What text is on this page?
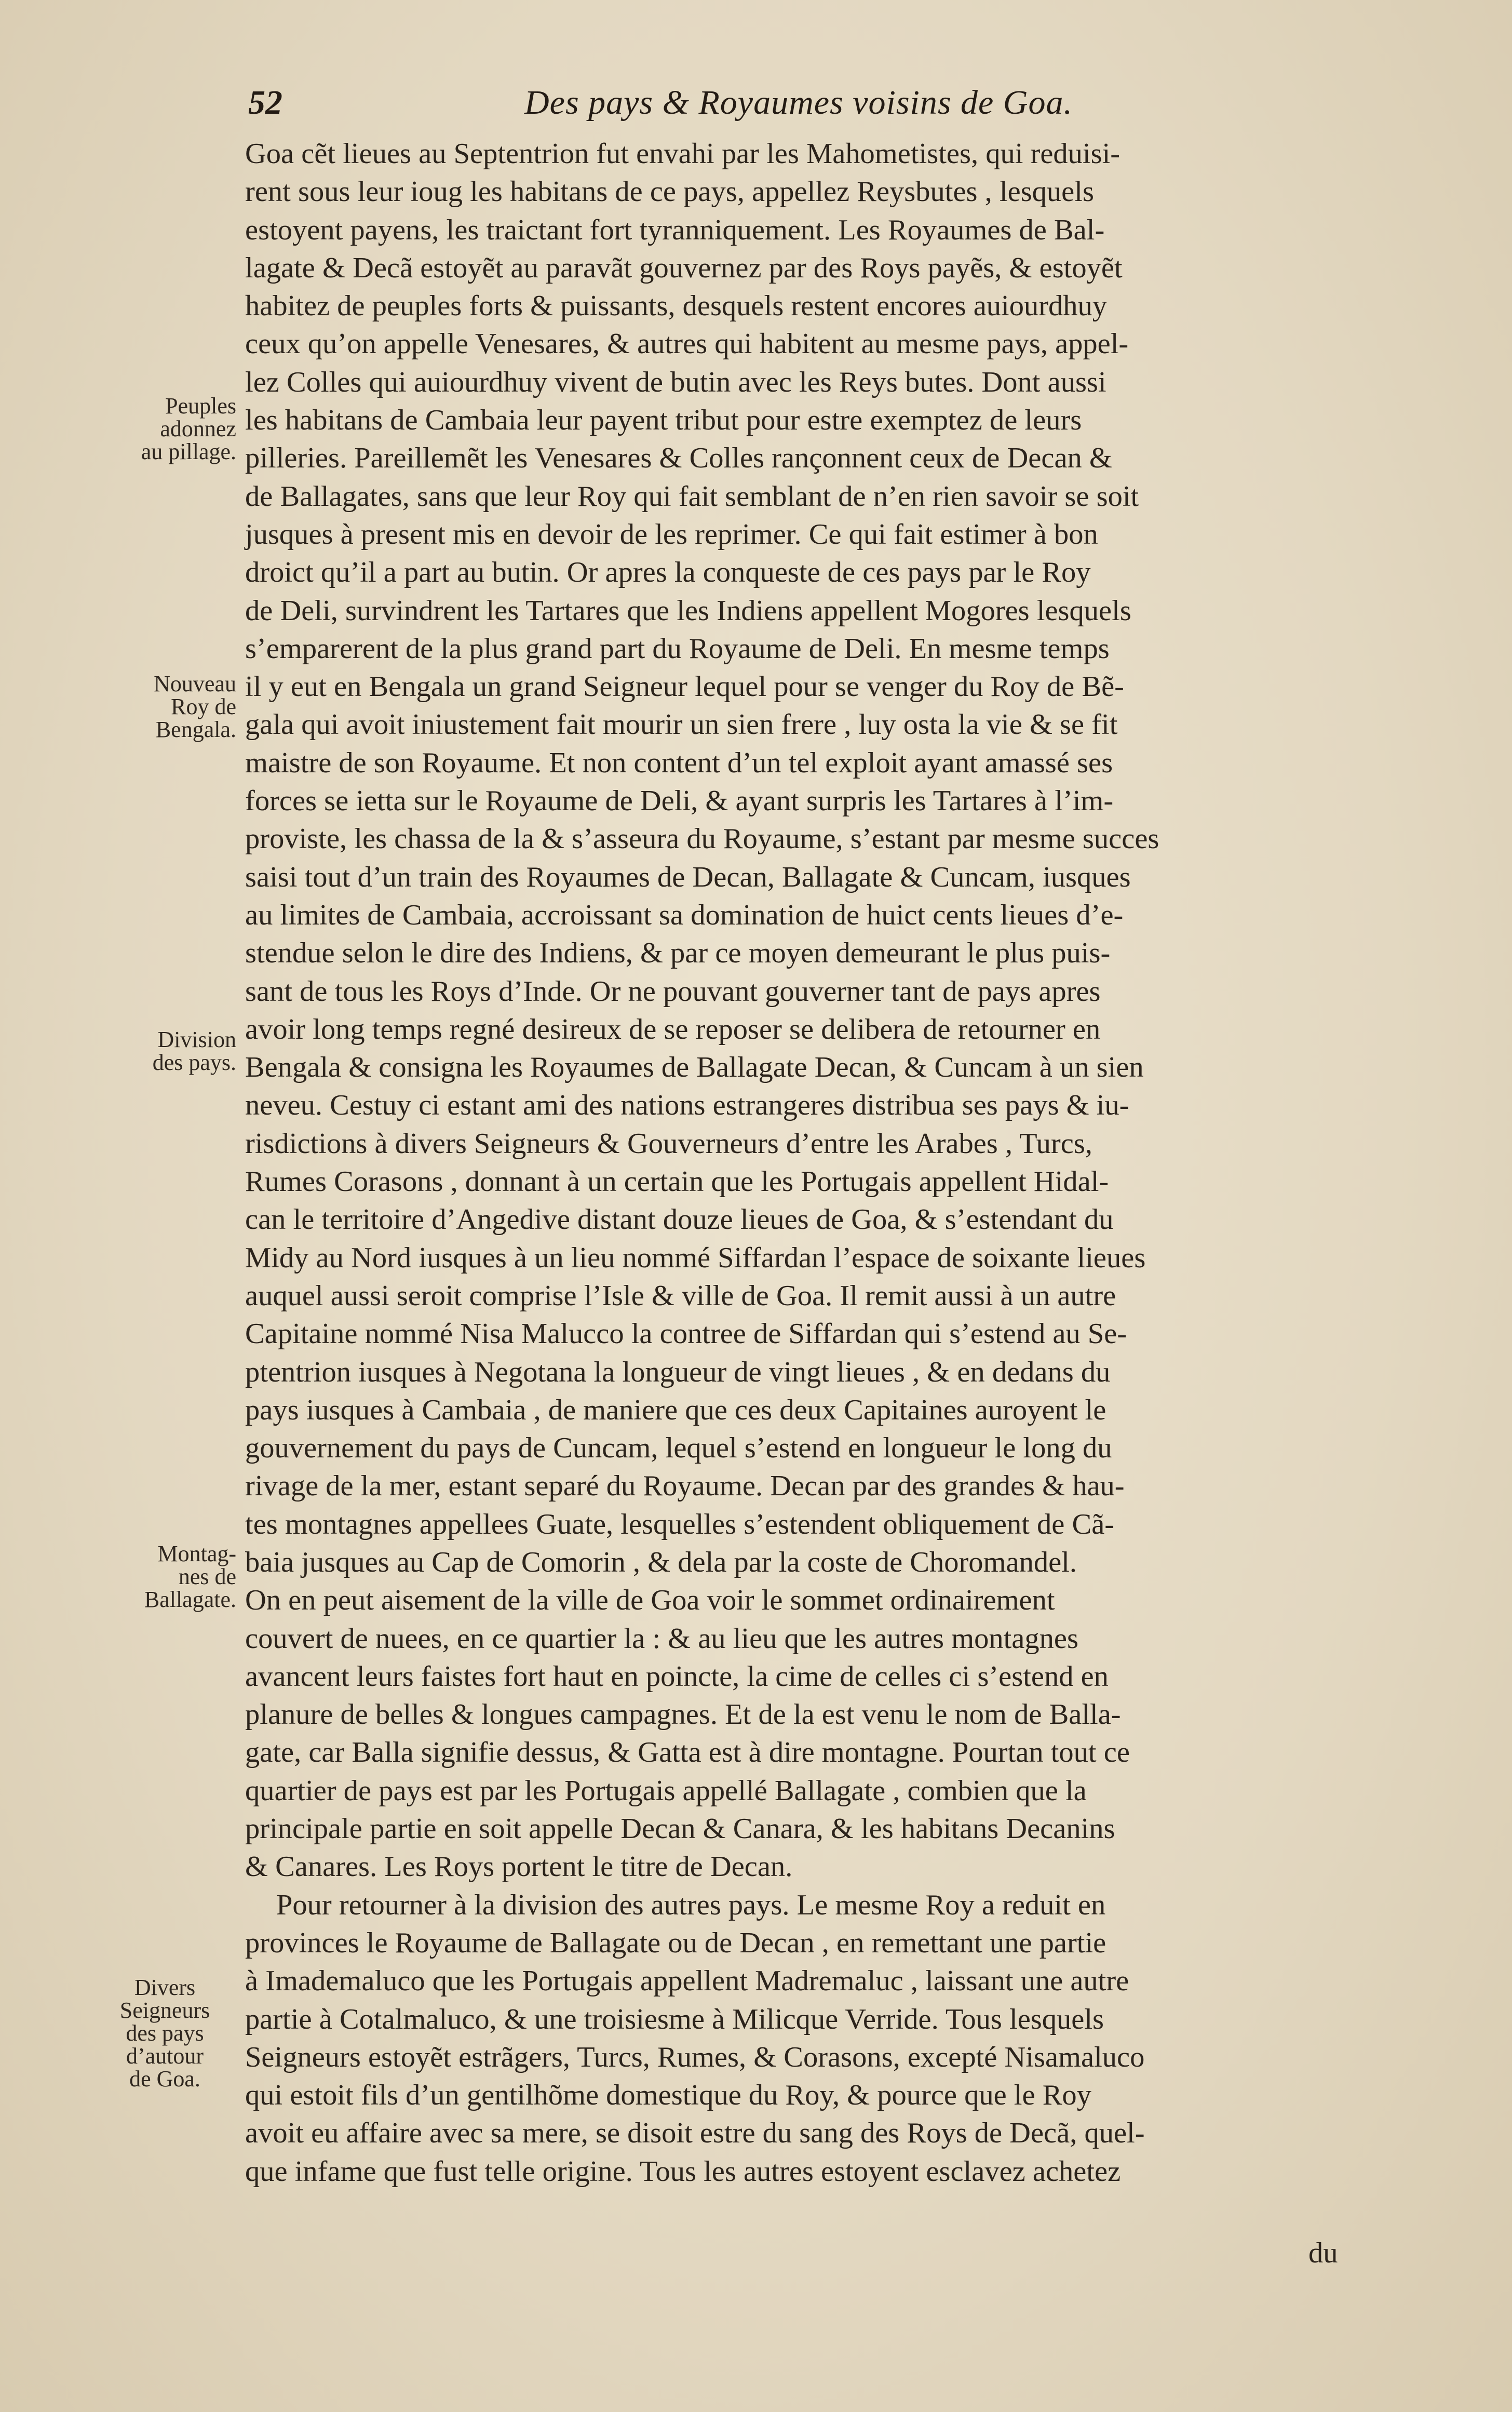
52	Des pays & Royaumes voisins de Goa.
Goa cẽt lieues au Septentrion fut envahi par les Mahometistes, qui reduisi-
rent sous leur ioug les habitans de ce pays, appellez Reysbutes , lesquels
estoyent payens, les traictant fort tyranniquement. Les Royaumes de Bal-
lagate & Decã estoyẽt au paravãt gouvernez par des Roys payẽs, & estoyẽt
habitez de peuples forts & puissants, desquels restent encores auiourdhuy
ceux qu’on appelle Venesares, & autres qui habitent au mesme pays, appel-
lez Colles qui auiourdhuy vivent de butin avec les Reys butes. Dont aussi
les habitans de Cambaia leur payent tribut pour estre exemptez de leurs
pilleries. Pareillemẽt les Venesares & Colles rançonnent ceux de Decan &
de Ballagates, sans que leur Roy qui fait semblant de n’en rien savoir se soit
jusques à present mis en devoir de les reprimer. Ce qui fait estimer à bon
droict qu’il a part au butin. Or apres la conqueste de ces pays par le Roy
de Deli, survindrent les Tartares que les Indiens appellent Mogores lesquels
s’emparerent de la plus grand part du Royaume de Deli. En mesme temps
il y eut en Bengala un grand Seigneur lequel pour se venger du Roy de Bẽ-
gala qui avoit iniustement fait mourir un sien frere , luy osta la vie & se fit
maistre de son Royaume. Et non content d’un tel exploit ayant amassé ses
forces se ietta sur le Royaume de Deli, & ayant surpris les Tartares à l’im-
proviste, les chassa de la & s’asseura du Royaume, s’estant par mesme succes
saisi tout d’un train des Royaumes de Decan, Ballagate & Cuncam, iusques
au limites de Cambaia, accroissant sa domination de huict cents lieues d’e-
stendue selon le dire des Indiens, & par ce moyen demeurant le plus puis-
sant de tous les Roys d’Inde. Or ne pouvant gouverner tant de pays apres
avoir long temps regné desireux de se reposer se delibera de retourner en
Bengala & consigna les Royaumes de Ballagate Decan, & Cuncam à un sien
neveu. Cestuy ci estant ami des nations estrangeres distribua ses pays & iu-
risdictions à divers Seigneurs & Gouverneurs d’entre les Arabes , Turcs,
Rumes Corasons , donnant à un certain que les Portugais appellent Hidal-
can le territoire d’Angedive distant douze lieues de Goa, & s’estendant du
Midy au Nord iusques à un lieu nommé Siffardan l’espace de soixante lieues
auquel aussi seroit comprise l’Isle & ville de Goa. Il remit aussi à un autre
Capitaine nommé Nisa Malucco la contree de Siffardan qui s’estend au Se-
ptentrion iusques à Negotana la longueur de vingt lieues , & en dedans du
pays iusques à Cambaia , de maniere que ces deux Capitaines auroyent le
gouvernement du pays de Cuncam, lequel s’estend en longueur le long du
rivage de la mer, estant separé du Royaume. Decan par des grandes & hau-
tes montagnes appellees Guate, lesquelles s’estendent obliquement de Cã-
baia jusques au Cap de Comorin , & dela par la coste de Choromandel.
On en peut aisement de la ville de Goa voir le sommet ordinairement
couvert de nuees, en ce quartier la : & au lieu que les autres montagnes
avancent leurs faistes fort haut en poincte, la cime de celles ci s’estend en
planure de belles & longues campagnes. Et de la est venu le nom de Balla-
gate, car Balla signifie dessus, & Gatta est à dire montagne. Pourtan tout ce
quartier de pays est par les Portugais appellé Ballagate , combien que la
principale partie en soit appelle Decan & Canara, & les habitans Decanins
& Canares. Les Roys portent le titre de Decan.
Pour retourner à la division des autres pays. Le mesme Roy a reduit en
provinces le Royaume de Ballagate ou de Decan , en remettant une partie
à Imademaluco que les Portugais appellent Madremaluc , laissant une autre
partie à Cotalmaluco, & une troisiesme à Milicque Verride. Tous lesquels
Seigneurs estoyẽt estrãgers, Turcs, Rumes, & Corasons, excepté Nisamaluco
qui estoit fils d’un gentilhõme domestique du Roy, & pource que le Roy
avoit eu affaire avec sa mere, se disoit estre du sang des Roys de Decã, quel-
que infame que fust telle origine. Tous les autres estoyent esclavez achetez
du
Peuples
adonnez
au pillage.
Nouveau
Roy de
Bengala.
Division
des pays.
Montag-
nes de
Ballagate.
Divers
Seigneurs
des pays
d’autour
de Goa.
